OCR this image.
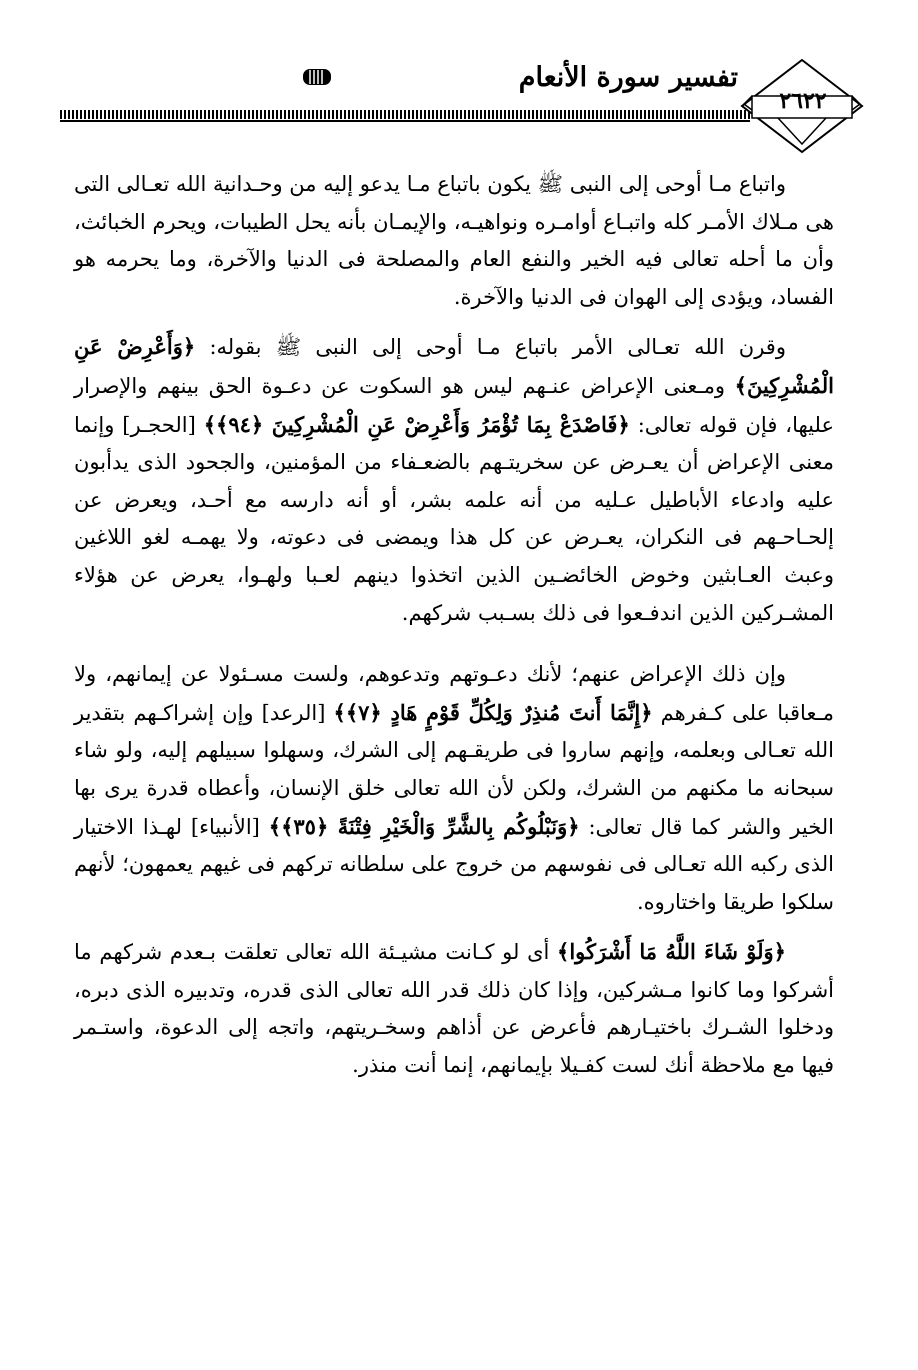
تفسير سورة الأنعام
٢٦٢٢

واتباع مـا أوحى إلى النبى ﷺ يكون باتباع مـا يدعو إليه من وحـدانية الله تعـالى التى هى مـلاك الأمـر كله واتبـاع أوامـره ونواهيـه، والإيمـان بأنه يحل الطيبات، ويحرم الخبائث، وأن ما أحله تعالى فيه الخير والنفع العام والمصلحة فى الدنيا والآخرة، وما يحرمه هو الفساد، ويؤدى إلى الهوان فى الدنيا والآخرة.

وقرن الله تعـالى الأمر باتباع مـا أوحى إلى النبى ﷺ بقوله: ﴿وَأَعْرِضْ عَنِ الْمُشْرِكِينَ﴾ ومـعنى الإعراض عنـهم ليس هو السكوت عن دعـوة الحق بينهم والإصرار عليها، فإن قوله تعالى: ﴿فَاصْدَعْ بِمَا تُؤْمَرُ وَأَعْرِضْ عَنِ الْمُشْرِكِينَ ﴿٩٤﴾﴾ [الحجـر] وإنما معنى الإعراض أن يعـرض عن سخريتـهم بالضعـفاء من المؤمنين، والجحود الذى يدأبون عليه وادعاء الأباطيل عـليه من أنه علمه بشر، أو أنه دارسه مع أحـد، ويعرض عن إلحـاحـهم فى النكران، يعـرض عن كل هذا ويمضى فى دعوته، ولا يهمـه لغو اللاغين وعبث العـابثين وخوض الخائضـين الذين اتخذوا دينهم لعـبا ولهـوا، يعرض عن هؤلاء المشـركين الذين اندفـعوا فى ذلك بسـبب شركهم.

وإن ذلك الإعراض عنهم؛ لأنك دعـوتهم وتدعوهم، ولست مسـئولا عن إيمانهم، ولا مـعاقبا على كـفرهم ﴿إِنَّمَا أَنتَ مُنذِرٌ وَلِكُلِّ قَوْمٍ هَادٍ ﴿٧﴾﴾ [الرعد] وإن إشراكـهم بتقدير الله تعـالى وبعلمه، وإنهم ساروا فى طريقـهم إلى الشرك، وسهلوا سبيلهم إليه، ولو شاء سبحانه ما مكنهم من الشرك، ولكن لأن الله تعالى خلق الإنسان، وأعطاه قدرة يرى بها الخير والشر كما قال تعالى: ﴿وَنَبْلُوكُم بِالشَّرِّ وَالْخَيْرِ فِتْنَةً ﴿٣٥﴾﴾ [الأنبياء] لهـذا الاختيار الذى ركبه الله تعـالى فى نفوسهم من خروج على سلطانه تركهم فى غيهم يعمهون؛ لأنهم سلكوا طريقا واختاروه.

﴿وَلَوْ شَاءَ اللَّهُ مَا أَشْرَكُوا﴾ أى لو كـانت مشيـئة الله تعالى تعلقت بـعدم شركهم ما أشركوا وما كانوا مـشركين، وإذا كان ذلك قدر الله تعالى الذى قدره، وتدبيره الذى دبره، ودخلوا الشـرك باختيـارهم فأعرض عن أذاهم وسخـريتهم، واتجه إلى الدعوة، واستـمر فيها مع ملاحظة أنك لست كفـيلا بإيمانهم، إنما أنت منذر.
